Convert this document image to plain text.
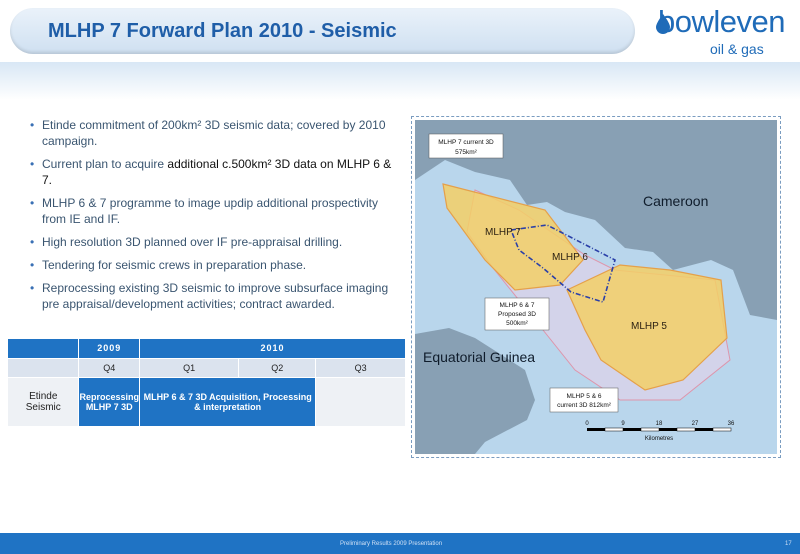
MLHP 7 Forward Plan 2010 - Seismic	bowleven
oil & gas
• Etinde commitment of 200km² 3D seismic data; covered by 2010 campaign.
• Current plan to acquire additional c.500km² 3D data on MLHP 6 & 7.
• MLHP 6 & 7 programme to image updip additional prospectivity from IE and IF.
• High resolution 3D planned over IF pre-appraisal drilling.
• Tendering for seismic crews in preparation phase.
• Reprocessing existing 3D seismic to improve subsurface imaging pre appraisal/development activities; contract awarded.
	2009	2010		
	Q4	Q1	Q2	Q3
Etinde
Seismic	Reprocessing MLHP 7 3D	MLHP 6 & 7 3D Acquisition, Processing & interpretation		
MLHP 7 current 3D
575km²
MLHP 6 & 7
Proposed 3D
500km²
MLHP 5 & 6
current 3D 812km²
Cameroon
Equatorial Guinea
MLHP 7
MLHP 6
MLHP 5
0	9	18	27	36
Kilometres
Preliminary Results 2009 Presentation	17
